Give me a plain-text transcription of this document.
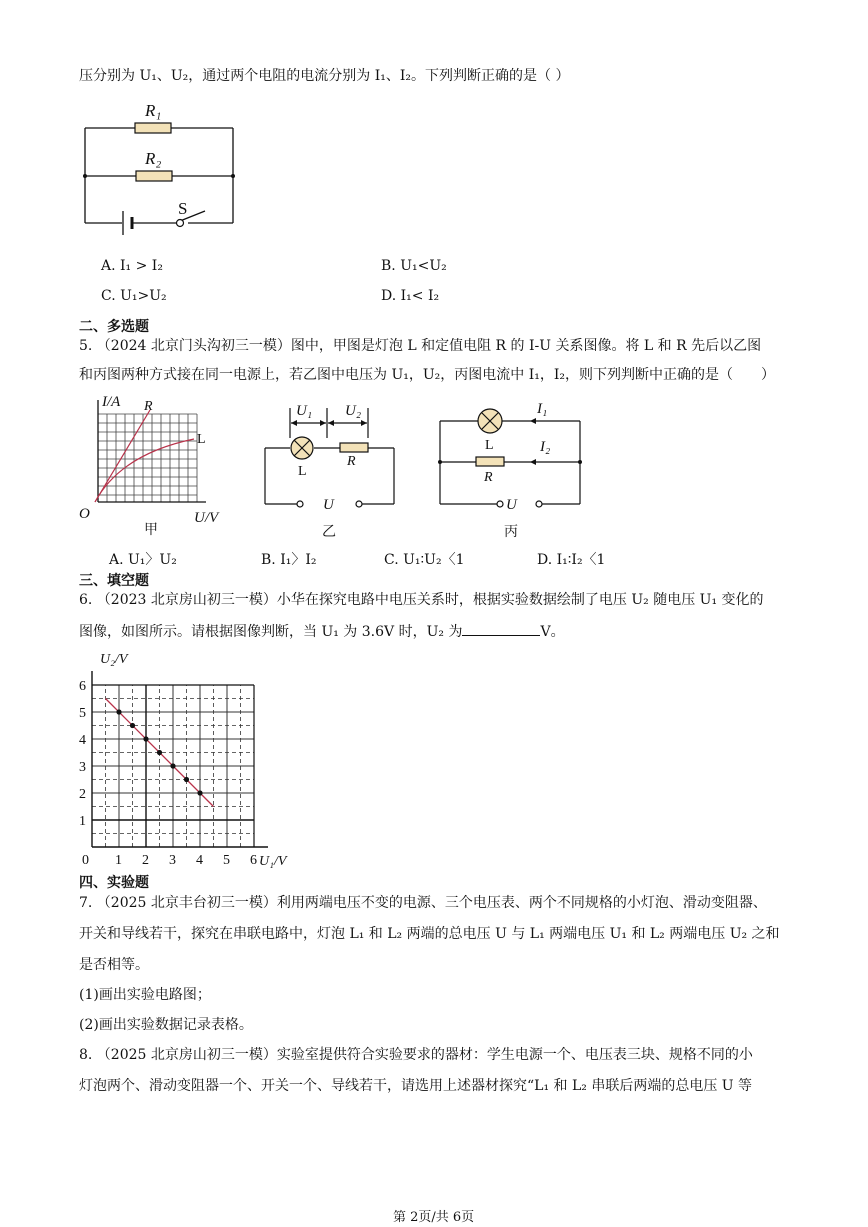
压分别为 U₁、U₂，通过两个电阻的电流分别为 I₁、I₂。下列判断正确的是（ ）
R₁
R₂
S
A. I₁ > I₂	B. U₁<U₂
C. U₁>U₂	D. I₁< I₂
二、多选题
5. （2024 北京门头沟初三一模）图中，甲图是灯泡 L 和定值电阻 R 的 I-U 关系图像。将 L 和 R 先后以乙图
和丙图两种方式接在同一电源上，若乙图中电压为 U₁，U₂，丙图电流中 I₁，I₂，则下列判断中正确的是（　　）
I/A R
L
O	U/V
甲
U₁ U₂
L
R
U
乙
I₁
I₂
L
R
U
丙
A. U₁〉U₂	B. I₁〉I₂	C. U₁∶U₂〈1	D. I₁∶I₂〈1
三、填空题
6. （2023 北京房山初三一模）小华在探究电路中电压关系时，根据实验数据绘制了电压 U₂ 随电压 U₁ 变化的
图像，如图所示。请根据图像判断，当 U₁ 为 3.6V 时，U₂ 为	V。
0 1 2 3 4 5 6
1
2
3
4
5
6
U₁/V
U₂/V
四、实验题
7. （2025 北京丰台初三一模）利用两端电压不变的电源、三个电压表、两个不同规格的小灯泡、滑动变阻器、
开关和导线若干，探究在串联电路中，灯泡 L₁ 和 L₂ 两端的总电压 U 与 L₁ 两端电压 U₁ 和 L₂ 两端电压 U₂ 之和
是否相等。
(1)画出实验电路图；
(2)画出实验数据记录表格。
8. （2025 北京房山初三一模）实验室提供符合实验要求的器材：学生电源一个、电压表三块、规格不同的小
灯泡两个、滑动变阻器一个、开关一个、导线若干，请选用上述器材探究“L₁ 和 L₂ 串联后两端的总电压 U 等
第 2页/共 6页
